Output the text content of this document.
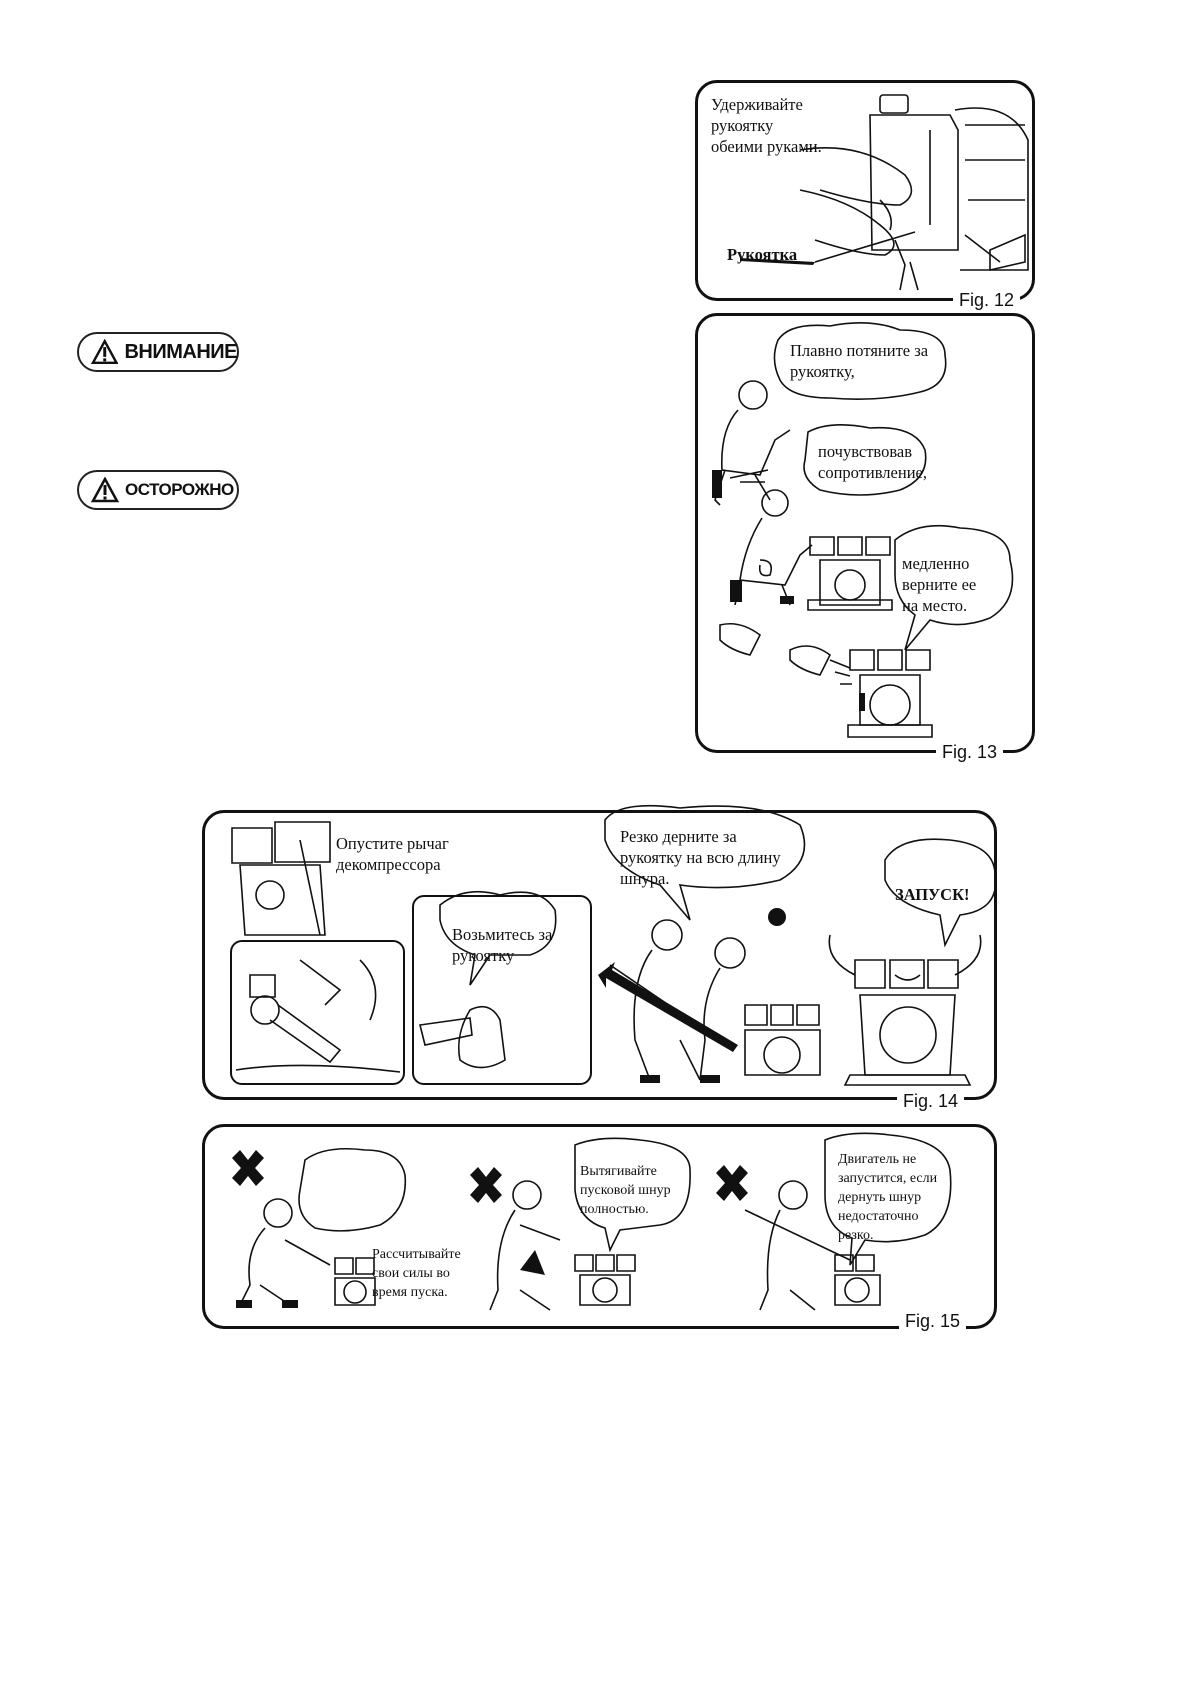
ВНИМАНИЕ
ОСТОРОЖНО
Удерживайте
рукоятку
обеими руками.
Рукоятка
Fig. 12
Плавно потяните за
рукоятку,
почувствовав
сопротивление,
медленно
верните ее
на место.
Fig. 13
Опустите рычаг
декомпрессора
Возьмитесь за
рукоятку
Резко дерните за
рукоятку на всю длину
шнура.
ЗАПУСК!
Fig. 14
Рассчитывайте
свои силы во
время пуска.
Вытягивайте
пусковой шнур
полностью.
Двигатель не
запустится, если
дернуть шнур
недостаточно
резко.
Fig. 15
